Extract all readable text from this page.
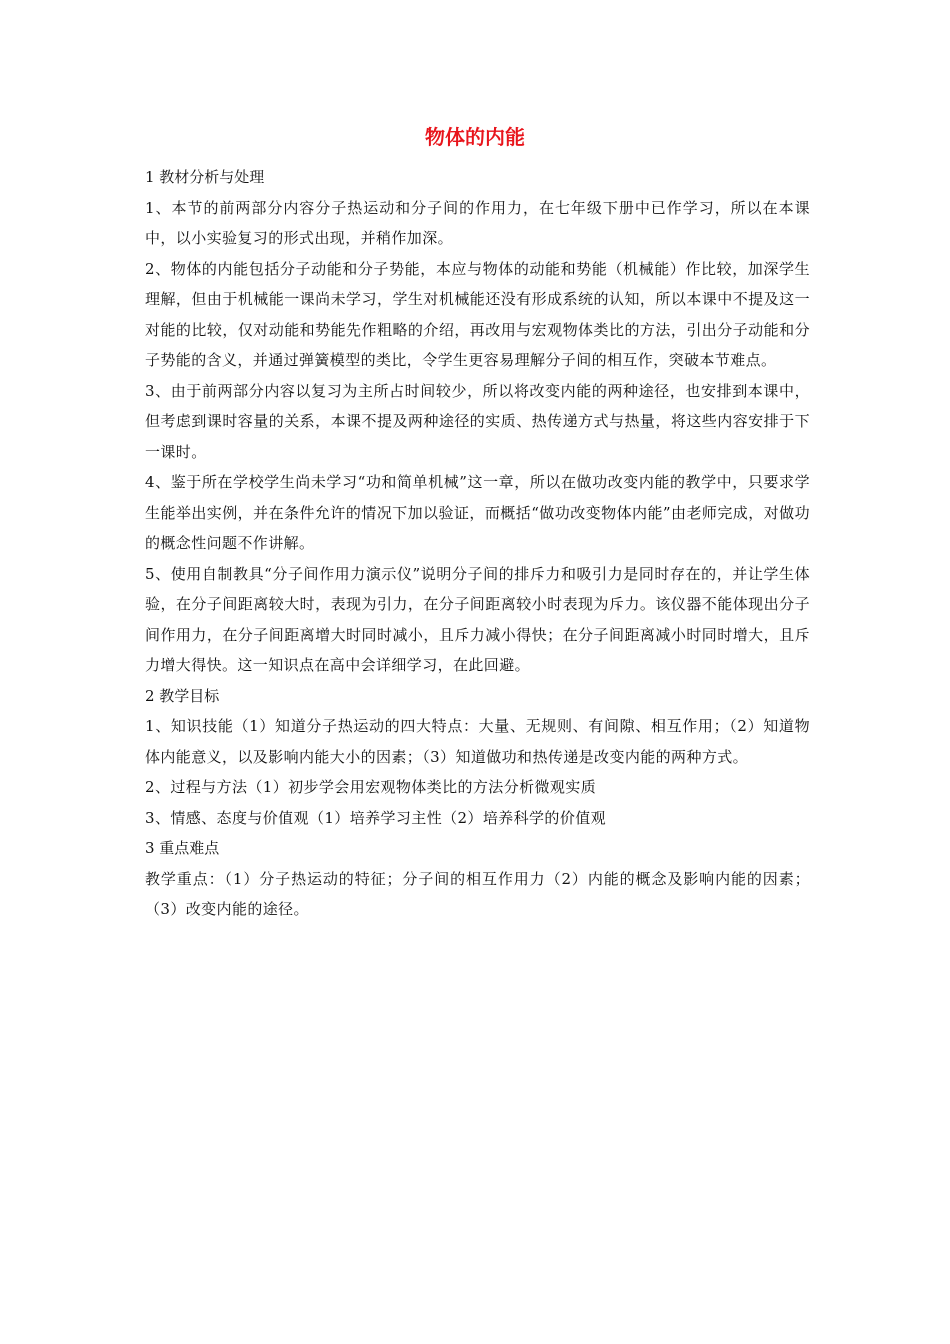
物体的内能

1 教材分析与处理

1、本节的前两部分内容分子热运动和分子间的作用力，在七年级下册中已作学习，所以在本课中，以小实验复习的形式出现，并稍作加深。

2、物体的内能包括分子动能和分子势能，本应与物体的动能和势能（机械能）作比较，加深学生理解，但由于机械能一课尚未学习，学生对机械能还没有形成系统的认知，所以本课中不提及这一对能的比较，仅对动能和势能先作粗略的介绍，再改用与宏观物体类比的方法，引出分子动能和分子势能的含义，并通过弹簧模型的类比，令学生更容易理解分子间的相互作，突破本节难点。

3、由于前两部分内容以复习为主所占时间较少，所以将改变内能的两种途径，也安排到本课中，但考虑到课时容量的关系，本课不提及两种途径的实质、热传递方式与热量，将这些内容安排于下一课时。

4、鉴于所在学校学生尚未学习“功和简单机械”这一章，所以在做功改变内能的教学中，只要求学生能举出实例，并在条件允许的情况下加以验证，而概括“做功改变物体内能”由老师完成，对做功的概念性问题不作讲解。

5、使用自制教具“分子间作用力演示仪”说明分子间的排斥力和吸引力是同时存在的，并让学生体验，在分子间距离较大时，表现为引力，在分子间距离较小时表现为斥力。该仪器不能体现出分子间作用力，在分子间距离增大时同时减小，且斥力减小得快；在分子间距离减小时同时增大，且斥力增大得快。这一知识点在高中会详细学习，在此回避。

2 教学目标

1、知识技能（1）知道分子热运动的四大特点：大量、无规则、有间隙、相互作用；（2）知道物体内能意义，以及影响内能大小的因素；（3）知道做功和热传递是改变内能的两种方式。

2、过程与方法（1）初步学会用宏观物体类比的方法分析微观实质

3、情感、态度与价值观（1）培养学习主性（2）培养科学的价值观

3 重点难点

教学重点：（1）分子热运动的特征；分子间的相互作用力（2）内能的概念及影响内能的因素；（3）改变内能的途径。
